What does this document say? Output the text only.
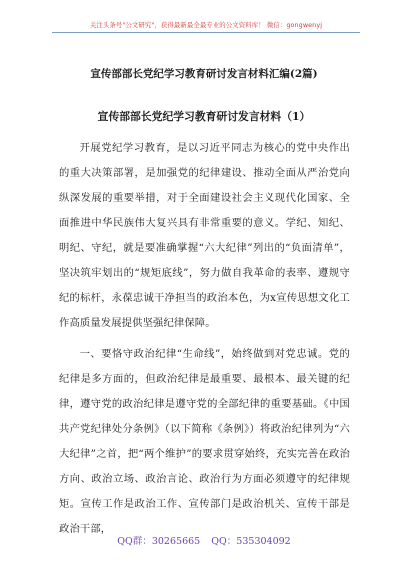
关注头条号"公文研究"，获得最新最全最专业的公文资料库！ 微信：gongwenyj
宣传部部长党纪学习教育研讨发言材料汇编(2篇)
宣传部部长党纪学习教育研讨发言材料（1）

开展党纪学习教育，是以习近平同志为核心的党中央作出的重大决策部署，是加强党的纪律建设、推动全面从严治党向纵深发展的重要举措，对于全面建设社会主义现代化国家、全面推进中华民族伟大复兴具有非常重要的意义。学纪、知纪、明纪、守纪，就是要准确掌握“六大纪律”列出的“负面清单”，坚决筑牢划出的“规矩底线”，努力做自我革命的表率、遵规守纪的标杆，永葆忠诚干净担当的政治本色，为x宣传思想文化工作高质量发展提供坚强纪律保障。

一、要恪守政治纪律“生命线”，始终做到对党忠诚。党的纪律是多方面的，但政治纪律是最重要、最根本、最关键的纪律，遵守党的政治纪律是遵守党的全部纪律的重要基础。《中国共产党纪律处分条例》（以下简称《条例》）将政治纪律列为“六大纪律”之首，把“两个维护”的要求贯穿始终，充实完善在政治方向、政治立场、政治言论、政治行为方面必须遵守的纪律规矩。宣传工作是政治工作、宣传部门是政治机关、宣传干部是政治干部，

QQ群：30265665 QQ：535304092
